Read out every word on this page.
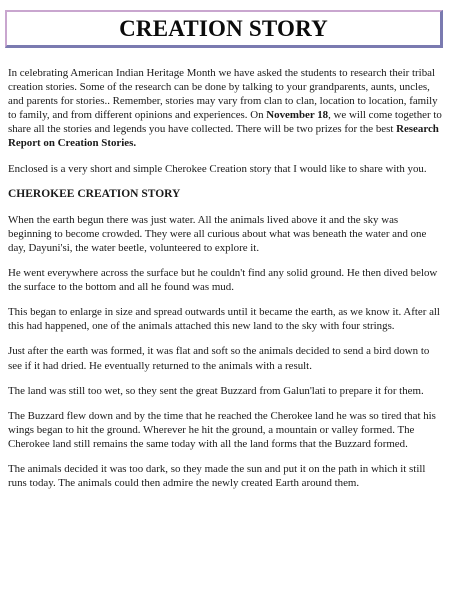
CREATION STORY

In celebrating American Indian Heritage Month we have asked the students to research their tribal creation stories. Some of the research can be done by talking to your grandparents, aunts, uncles, and parents for stories.. Remember, stories may vary from clan to clan, location to location, family to family, and from different opinions and experiences. On November 18, we will come together to share all the stories and legends you have collected. There will be two prizes for the best Research Report on Creation Stories.

Enclosed is a very short and simple Cherokee Creation story that I would like to share with you.

CHEROKEE CREATION STORY

When the earth begun there was just water. All the animals lived above it and the sky was beginning to become crowded. They were all curious about what was beneath the water and one day, Dayuni'si, the water beetle, volunteered to explore it.

He went everywhere across the surface but he couldn't find any solid ground. He then dived below the surface to the bottom and all he found was mud.

This began to enlarge in size and spread outwards until it became the earth, as we know it. After all this had happened, one of the animals attached this new land to the sky with four strings.

Just after the earth was formed, it was flat and soft so the animals decided to send a bird down to see if it had dried. He eventually returned to the animals with a result.

The land was still too wet, so they sent the great Buzzard from Galun'lati to prepare it for them.

The Buzzard flew down and by the time that he reached the Cherokee land he was so tired that his wings began to hit the ground. Wherever he hit the ground, a mountain or valley formed. The Cherokee land still remains the same today with all the land forms that the Buzzard formed.

The animals decided it was too dark, so they made the sun and put it on the path in which it still runs today. The animals could then admire the newly created Earth around them.
